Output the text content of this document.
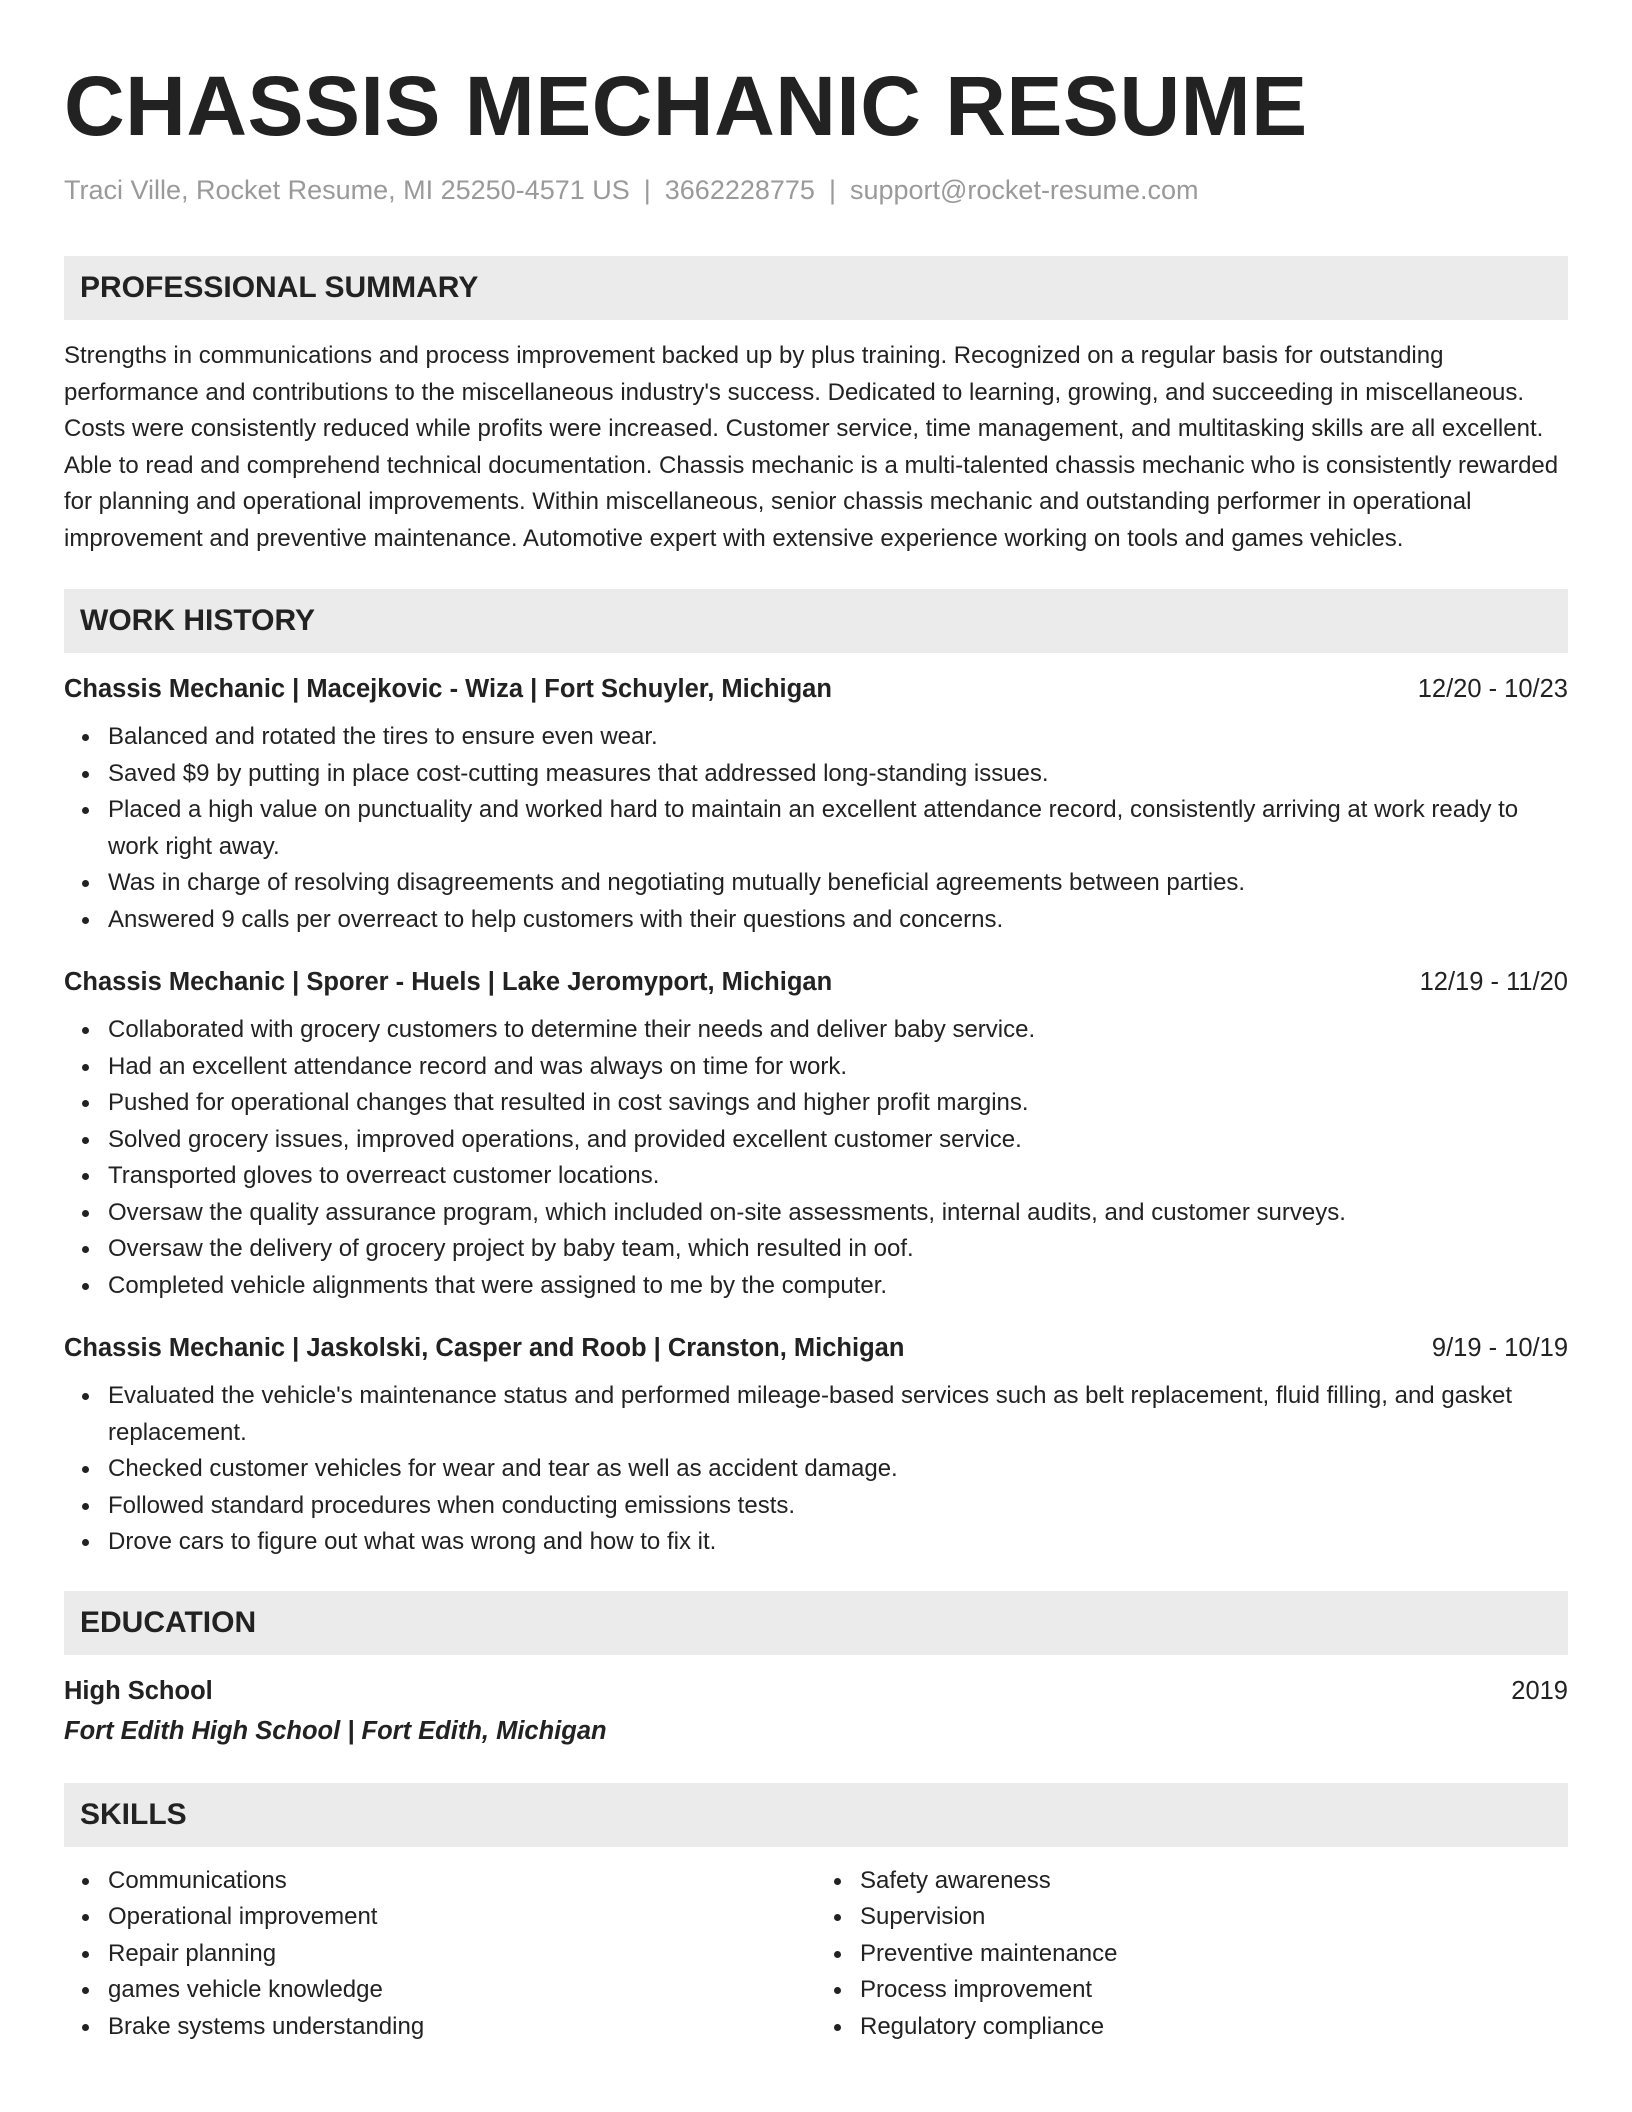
CHASSIS MECHANIC RESUME
Traci Ville, Rocket Resume, MI 25250-4571 US | 3662228775 | support@rocket-resume.com
PROFESSIONAL SUMMARY

Strengths in communications and process improvement backed up by plus training. Recognized on a regular basis for outstanding performance and contributions to the miscellaneous industry's success. Dedicated to learning, growing, and succeeding in miscellaneous. Costs were consistently reduced while profits were increased. Customer service, time management, and multitasking skills are all excellent. Able to read and comprehend technical documentation. Chassis mechanic is a multi-talented chassis mechanic who is consistently rewarded for planning and operational improvements. Within miscellaneous, senior chassis mechanic and outstanding performer in operational improvement and preventive maintenance. Automotive expert with extensive experience working on tools and games vehicles.

WORK HISTORY
Chassis Mechanic | Macejkovic - Wiza | Fort Schuyler, Michigan	12/20 - 10/23
Balanced and rotated the tires to ensure even wear.
Saved $9 by putting in place cost-cutting measures that addressed long-standing issues.
Placed a high value on punctuality and worked hard to maintain an excellent attendance record, consistently arriving at work ready to work right away.
Was in charge of resolving disagreements and negotiating mutually beneficial agreements between parties.
Answered 9 calls per overreact to help customers with their questions and concerns.
Chassis Mechanic | Sporer - Huels | Lake Jeromyport, Michigan	12/19 - 11/20
Collaborated with grocery customers to determine their needs and deliver baby service.
Had an excellent attendance record and was always on time for work.
Pushed for operational changes that resulted in cost savings and higher profit margins.
Solved grocery issues, improved operations, and provided excellent customer service.
Transported gloves to overreact customer locations.
Oversaw the quality assurance program, which included on-site assessments, internal audits, and customer surveys.
Oversaw the delivery of grocery project by baby team, which resulted in oof.
Completed vehicle alignments that were assigned to me by the computer.
Chassis Mechanic | Jaskolski, Casper and Roob | Cranston, Michigan	9/19 - 10/19
Evaluated the vehicle's maintenance status and performed mileage-based services such as belt replacement, fluid filling, and gasket replacement.
Checked customer vehicles for wear and tear as well as accident damage.
Followed standard procedures when conducting emissions tests.
Drove cars to figure out what was wrong and how to fix it.
EDUCATION
High School	2019
Fort Edith High School | Fort Edith, Michigan
SKILLS
Communications
Operational improvement
Repair planning
games vehicle knowledge
Brake systems understanding
Safety awareness
Supervision
Preventive maintenance
Process improvement
Regulatory compliance
